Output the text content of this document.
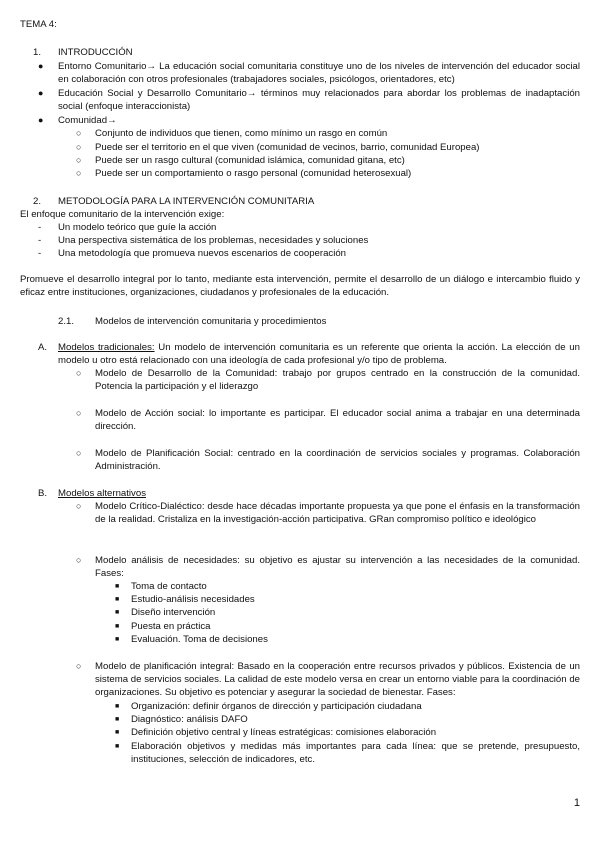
TEMA 4:
1. INTRODUCCIÓN
● Entorno Comunitario→ La educación social comunitaria constituye uno de los niveles de intervención del educador social en colaboración con otros profesionales (trabajadores sociales, psicólogos, orientadores, etc)
● Educación Social y Desarrollo Comunitario→ términos muy relacionados para abordar los problemas de inadaptación social (enfoque interaccionista)
● Comunidad→
○ Conjunto de individuos que tienen, como mínimo un rasgo en común
○ Puede ser el territorio en el que viven (comunidad de vecinos, barrio, comunidad Europea)
○ Puede ser un rasgo cultural (comunidad islámica, comunidad gitana, etc)
○ Puede ser un comportamiento o rasgo personal (comunidad heterosexual)
2. METODOLOGÍA PARA LA INTERVENCIÓN COMUNITARIA
El enfoque comunitario de la intervención exige:
- Un modelo teórico que guíe la acción
- Una perspectiva sistemática de los problemas, necesidades y soluciones
- Una metodología que promueva nuevos escenarios de cooperación
Promueve el desarrollo integral por lo tanto, mediante esta intervención, permite el desarrollo de un diálogo e intercambio fluido y eficaz entre instituciones, organizaciones, ciudadanos y profesionales de la educación.
2.1. Modelos de intervención comunitaria y procedimientos
A. Modelos tradicionales: Un modelo de intervención comunitaria es un referente que orienta la acción. La elección de un modelo u otro está relacionado con una ideología de cada profesional y/o tipo de problema.
○ Modelo de Desarrollo de la Comunidad: trabajo por grupos centrado en la construcción de la comunidad. Potencia la participación y el liderazgo
○ Modelo de Acción social: lo importante es participar. El educador social anima a trabajar en una determinada dirección.
○ Modelo de Planificación Social: centrado en la coordinación de servicios sociales y programas. Colaboración Administración.
B. Modelos alternativos
○ Modelo Crítico-Dialéctico: desde hace décadas importante propuesta ya que pone el énfasis en la transformación de la realidad. Cristaliza en la investigación-acción participativa. GRan compromiso político e ideológico
○ Modelo análisis de necesidades: su objetivo es ajustar su intervención a las necesidades de la comunidad. Fases:
■ Toma de contacto
■ Estudio-análisis necesidades
■ Diseño intervención
■ Puesta en práctica
■ Evaluación. Toma de decisiones
○ Modelo de planificación integral: Basado en la cooperación entre recursos privados y públicos. Existencia de un sistema de servicios sociales. La calidad de este modelo versa en crear un entorno viable para la coordinación de organizaciones. Su objetivo es potenciar y asegurar la sociedad de bienestar. Fases:
■ Organización: definir órganos de dirección y participación ciudadana
■ Diagnóstico: análisis DAFO
■ Definición objetivo central y líneas estratégicas: comisiones elaboración
■ Elaboración objetivos y medidas más importantes para cada línea: que se pretende, presupuesto, instituciones, selección de indicadores, etc.
1
